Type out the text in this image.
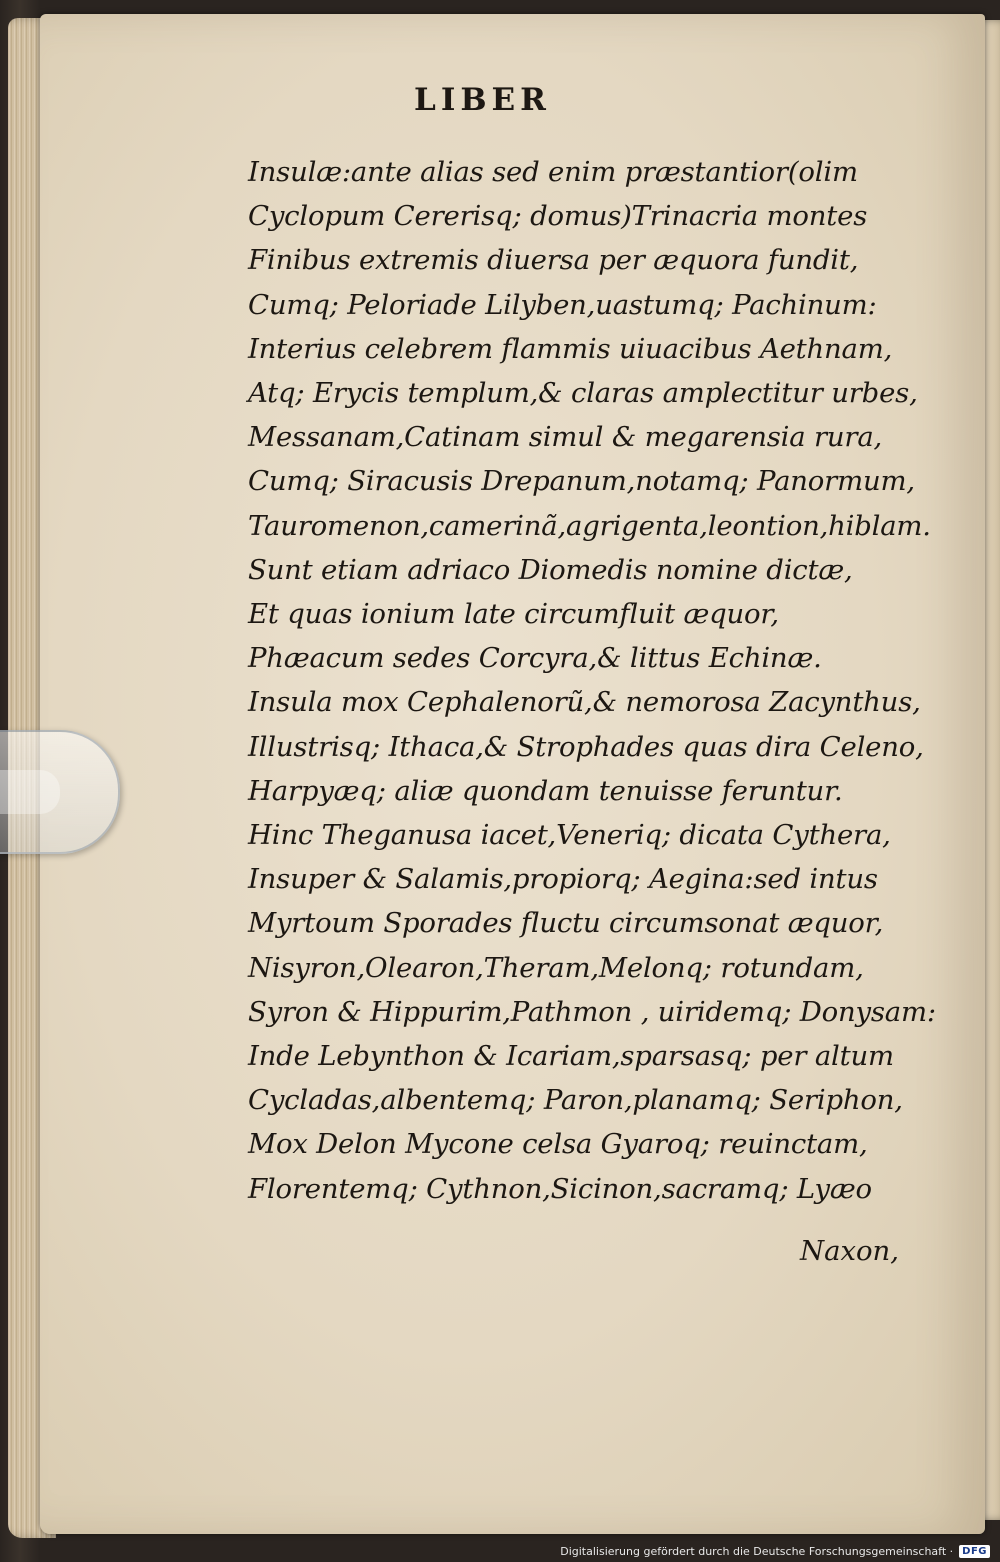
LIBER
Insulæ:ante alias sed enim præstantior(olim
Cyclopum Cererisq; domus)Trinacria montes
Finibus extremis diuersa per æquora fundit,
Cumq; Peloriade Lilyben,uastumq; Pachinum:
Interius celebrem flammis uiuacibus Aethnam,
Atq; Erycis templum,& claras amplectitur urbes,
Messanam,Catinam simul & megarensia rura,
Cumq; Siracusis Drepanum,notamq; Panormum,
Tauromenon,camerinã,agrigenta,leontion,hiblam.
Sunt etiam adriaco Diomedis nomine dictæ,
Et quas ionium late circumfluit æquor,
Phæacum sedes Corcyra,& littus Echinæ.
Insula mox Cephalenorũ,& nemorosa Zacynthus,
Illustrisq; Ithaca,& Strophades quas dira Celeno,
Harpyæq; aliæ quondam tenuisse feruntur.
Hinc Theganusa iacet,Veneriq; dicata Cythera,
Insuper & Salamis,propiorq; Aegina:sed intus
Myrtoum Sporades fluctu circumsonat æquor,
Nisyron,Olearon,Theram,Melonq; rotundam,
Syron & Hippurim,Pathmon , uiridemq; Donysam:
Inde Lebynthon & Icariam,sparsasq; per altum
Cycladas,albentemq; Paron,planamq; Seriphon,
Mox Delon Mycone celsa Gyaroq; reuinctam,
Florentemq; Cythnon,Sicinon,sacramq; Lyæo

Naxon,

Digitalisierung gefördert durch die Deutsche Forschungsgemeinschaft · DFG
